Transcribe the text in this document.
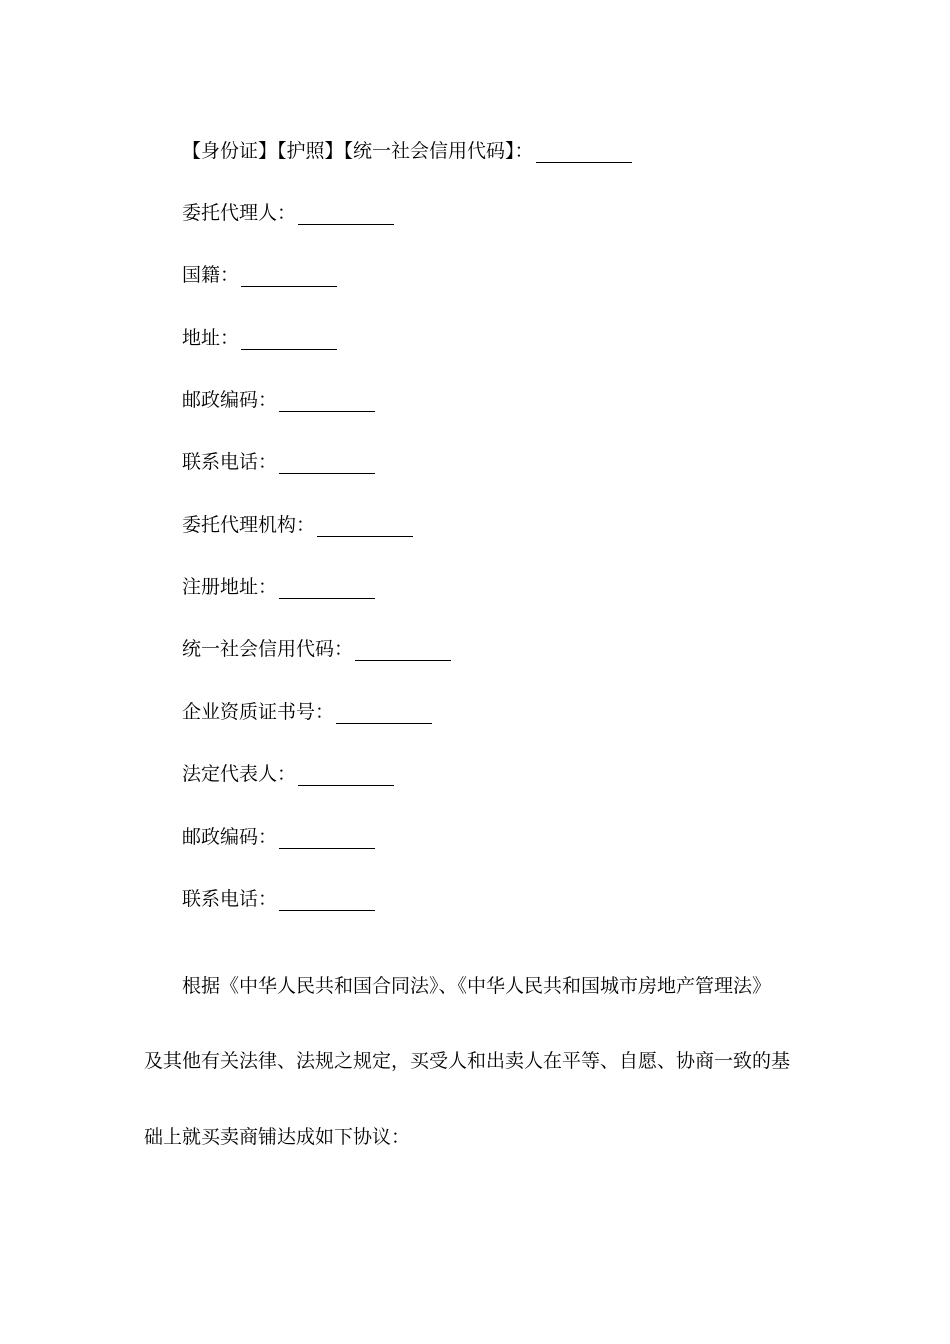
【身份证】【护照】【统一社会信用代码】：
委托代理人：
国籍：
地址：
邮政编码：
联系电话：
委托代理机构：
注册地址：
统一社会信用代码：
企业资质证书号：
法定代表人：
邮政编码：
联系电话：
根据《中华人民共和国合同法》、《中华人民共和国城市房地产管理法》
及其他有关法律、法规之规定，买受人和出卖人在平等、自愿、协商一致的基
础上就买卖商铺达成如下协议：
